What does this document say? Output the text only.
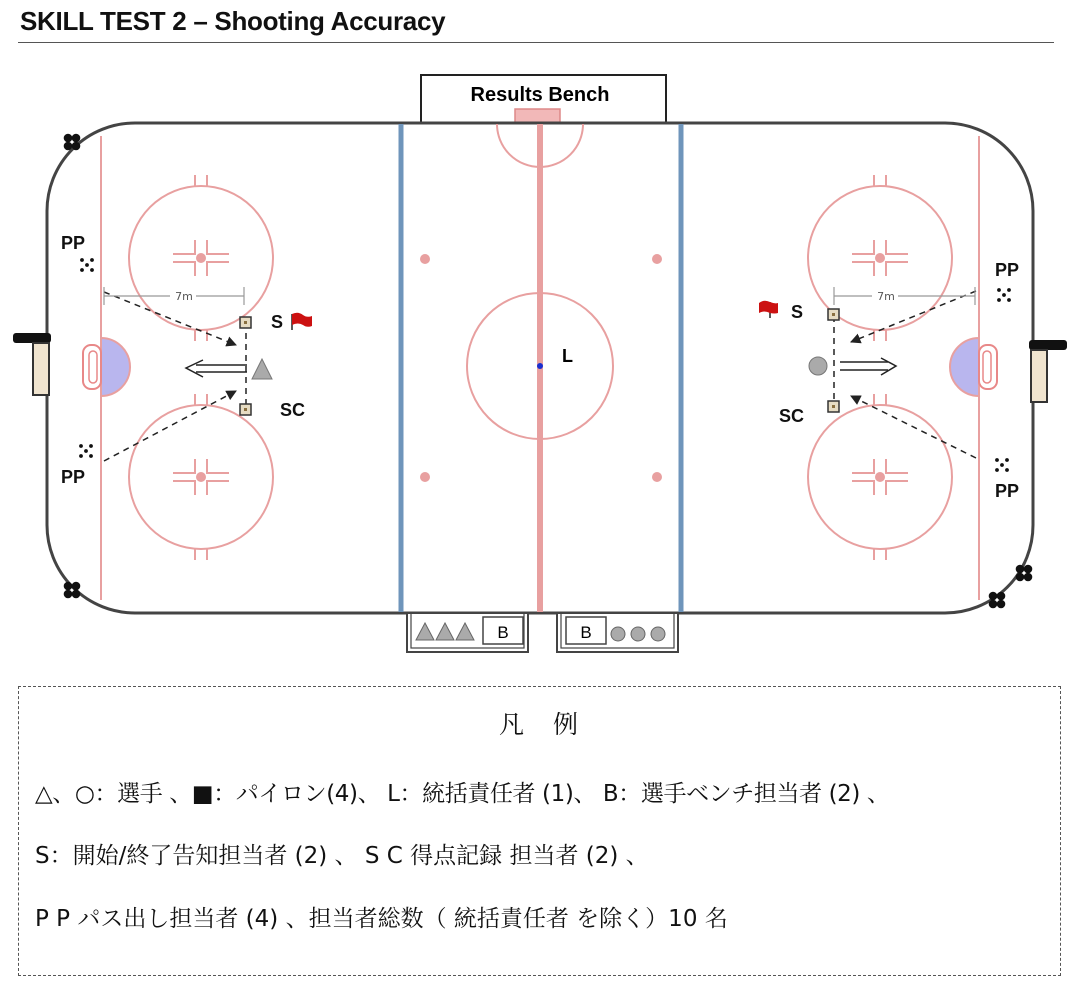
SKILL TEST 2 – Shooting Accuracy
Results Bench
L
7m	7m
PP
PP
S
SC
PP
PP
S
SC
B	B
凡　例
△、○：選手 、■：パイロン(4)、 L：統括責任者 (1)、 B：選手ベンチ担当者 (2) 、
S：開始/終了告知担当者 (2) 、 S C 得点記録 担当者 (2) 、
P P パス出し担当者 (4) 、担当者総数（ 統括責任者 を除く）10 名
